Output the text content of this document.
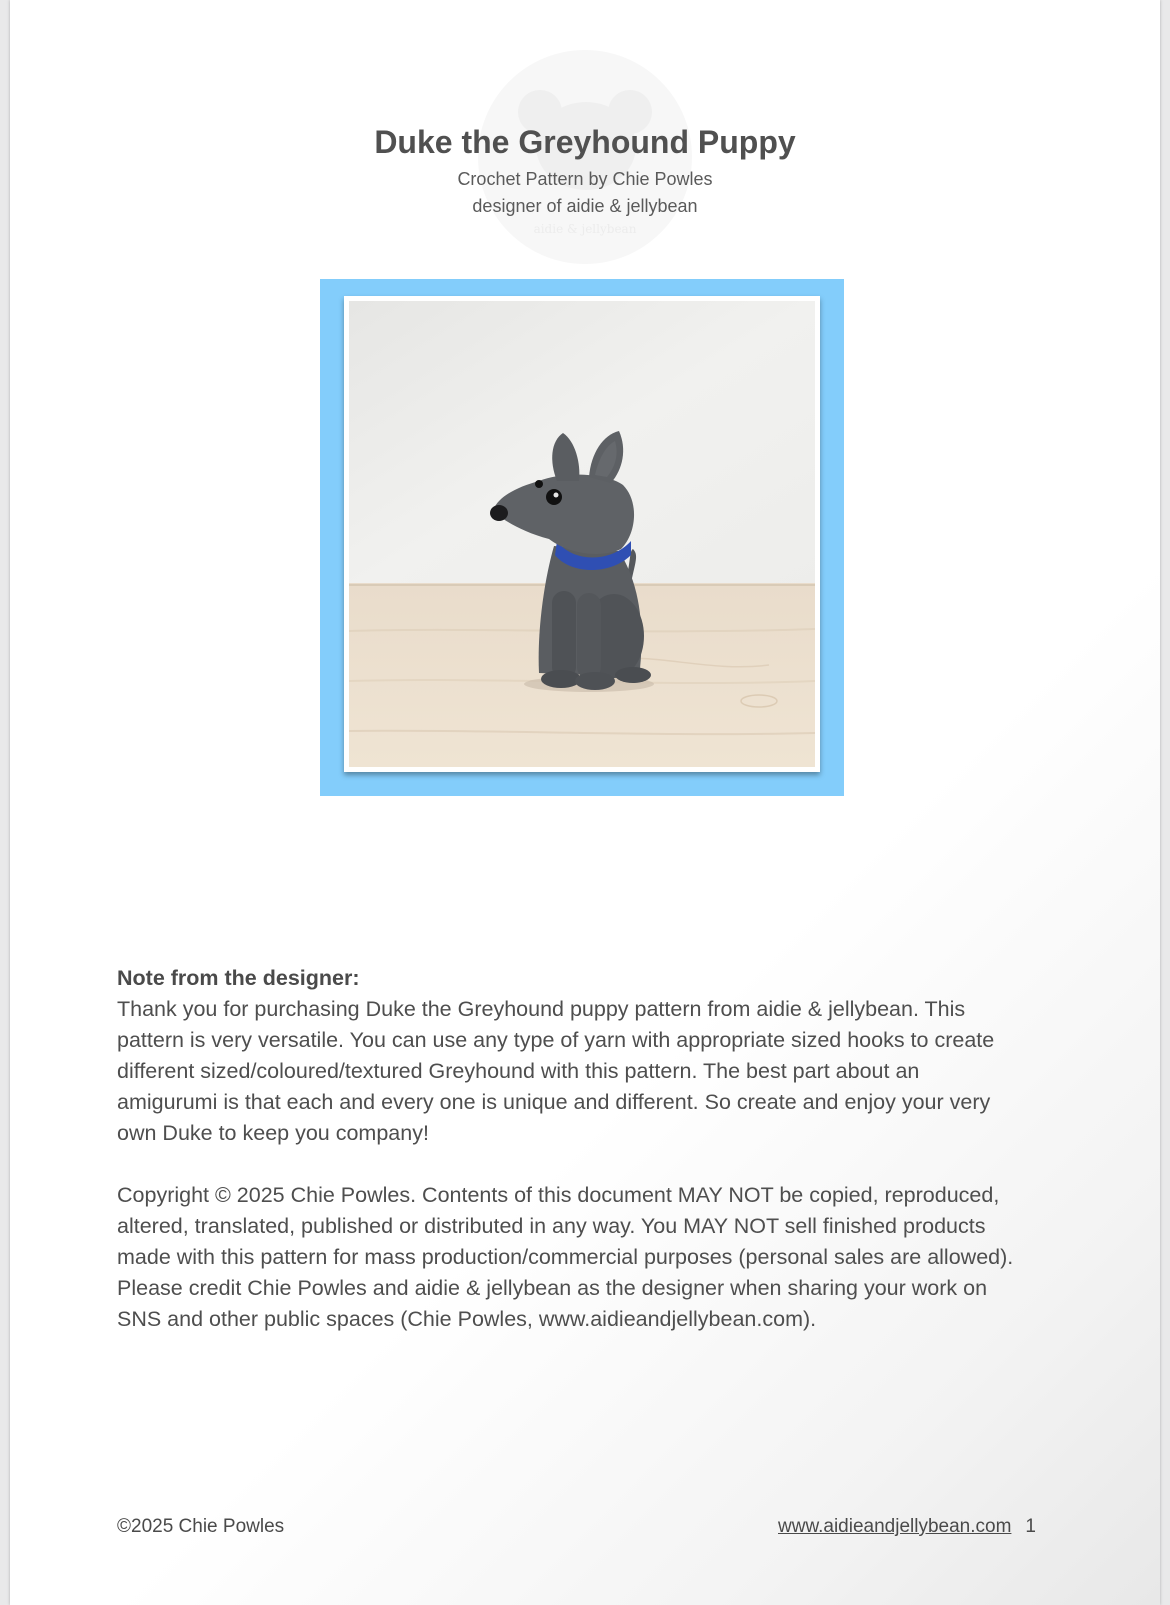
aidie & jellybean

Duke the Greyhound Puppy

Crochet Pattern by Chie Powles

designer of aidie & jellybean

Note from the designer:

Thank you for purchasing Duke the Greyhound puppy pattern from aidie & jellybean. This pattern is very versatile. You can use any type of yarn with appropriate sized hooks to create different sized/coloured/textured Greyhound with this pattern. The best part about an amigurumi is that each and every one is unique and different. So create and enjoy your very own Duke to keep you company!

Copyright © 2025 Chie Powles. Contents of this document MAY NOT be copied, reproduced, altered, translated, published or distributed in any way. You MAY NOT sell finished products made with this pattern for mass production/commercial purposes (personal sales are allowed). Please credit Chie Powles and aidie & jellybean as the designer when sharing your work on SNS and other public spaces (Chie Powles, www.aidieandjellybean.com).

©2025 Chie Powles	www.aidieandjellybean.com 1
